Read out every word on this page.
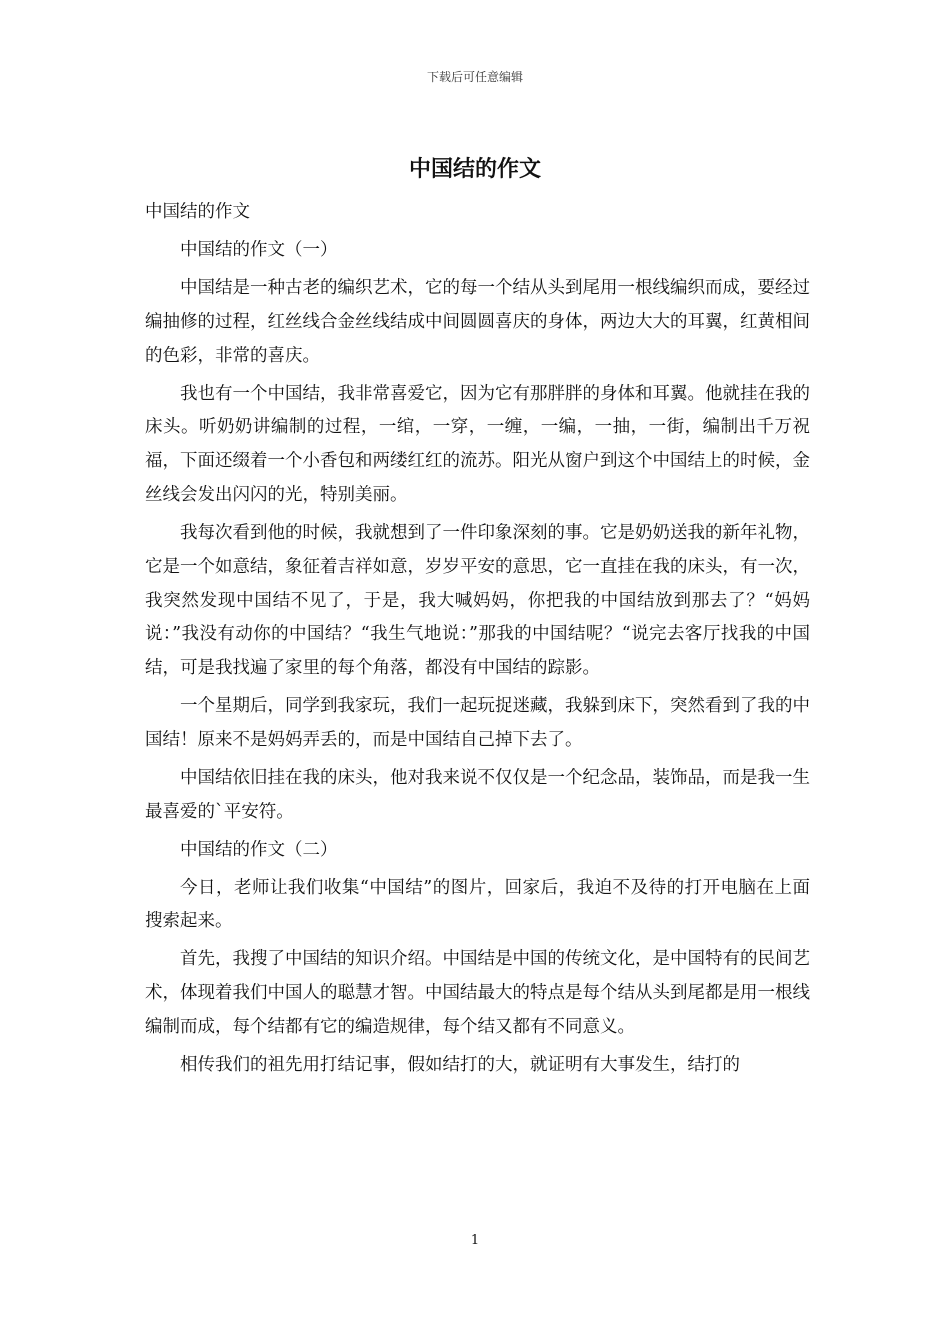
下载后可任意编辑
中国结的作文

中国结的作文

中国结的作文（一）

中国结是一种古老的编织艺术，它的每一个结从头到尾用一根线编织而成，要经过编抽修的过程，红丝线合金丝线结成中间圆圆喜庆的身体，两边大大的耳翼，红黄相间的色彩，非常的喜庆。

我也有一个中国结，我非常喜爱它，因为它有那胖胖的身体和耳翼。他就挂在我的床头。听奶奶讲编制的过程，一绾，一穿，一缠，一编，一抽，一街，编制出千万祝福，下面还缀着一个小香包和两缕红红的流苏。阳光从窗户到这个中国结上的时候，金丝线会发出闪闪的光，特别美丽。

我每次看到他的时候，我就想到了一件印象深刻的事。它是奶奶送我的新年礼物，它是一个如意结，象征着吉祥如意，岁岁平安的意思，它一直挂在我的床头，有一次，我突然发现中国结不见了，于是，我大喊妈妈，你把我的中国结放到那去了？“妈妈说：”我没有动你的中国结？“我生气地说：”那我的中国结呢？“说完去客厅找我的中国结，可是我找遍了家里的每个角落，都没有中国结的踪影。

一个星期后，同学到我家玩，我们一起玩捉迷藏，我躲到床下，突然看到了我的中国结！原来不是妈妈弄丢的，而是中国结自己掉下去了。

中国结依旧挂在我的床头，他对我来说不仅仅是一个纪念品，装饰品，而是我一生最喜爱的`平安符。

中国结的作文（二）

今日，老师让我们收集“中国结”的图片，回家后，我迫不及待的打开电脑在上面搜索起来。

首先，我搜了中国结的知识介绍。中国结是中国的传统文化，是中国特有的民间艺术，体现着我们中国人的聪慧才智。中国结最大的特点是每个结从头到尾都是用一根线编制而成，每个结都有它的编造规律，每个结又都有不同意义。

相传我们的祖先用打结记事，假如结打的大，就证明有大事发生，结打的

1
